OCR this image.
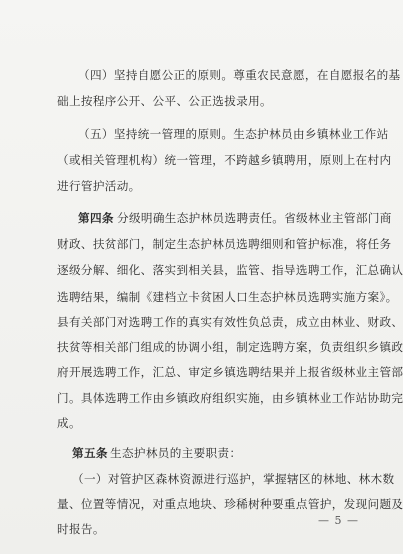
（四）坚持自愿公正的原则。尊重农民意愿，在自愿报名的基
础上按程序公开、公平、公正选拔录用。
（五）坚持统一管理的原则。生态护林员由乡镇林业工作站
（或相关管理机构）统一管理，不跨越乡镇聘用，原则上在村内
进行管护活动。
第四条 分级明确生态护林员选聘责任。省级林业主管部门商
财政、扶贫部门，制定生态护林员选聘细则和管护标准，将任务
逐级分解、细化、落实到相关县，监管、指导选聘工作，汇总确认
选聘结果，编制《建档立卡贫困人口生态护林员选聘实施方案》。
县有关部门对选聘工作的真实有效性负总责，成立由林业、财政、
扶贫等相关部门组成的协调小组，制定选聘方案，负责组织乡镇政
府开展选聘工作，汇总、审定乡镇选聘结果并上报省级林业主管部
门。具体选聘工作由乡镇政府组织实施，由乡镇林业工作站协助完
成。
第五条 生态护林员的主要职责：
（一）对管护区森林资源进行巡护，掌握辖区的林地、林木数
量、位置等情况，对重点地块、珍稀树种要重点管护，发现问题及
时报告。
— 5 —
